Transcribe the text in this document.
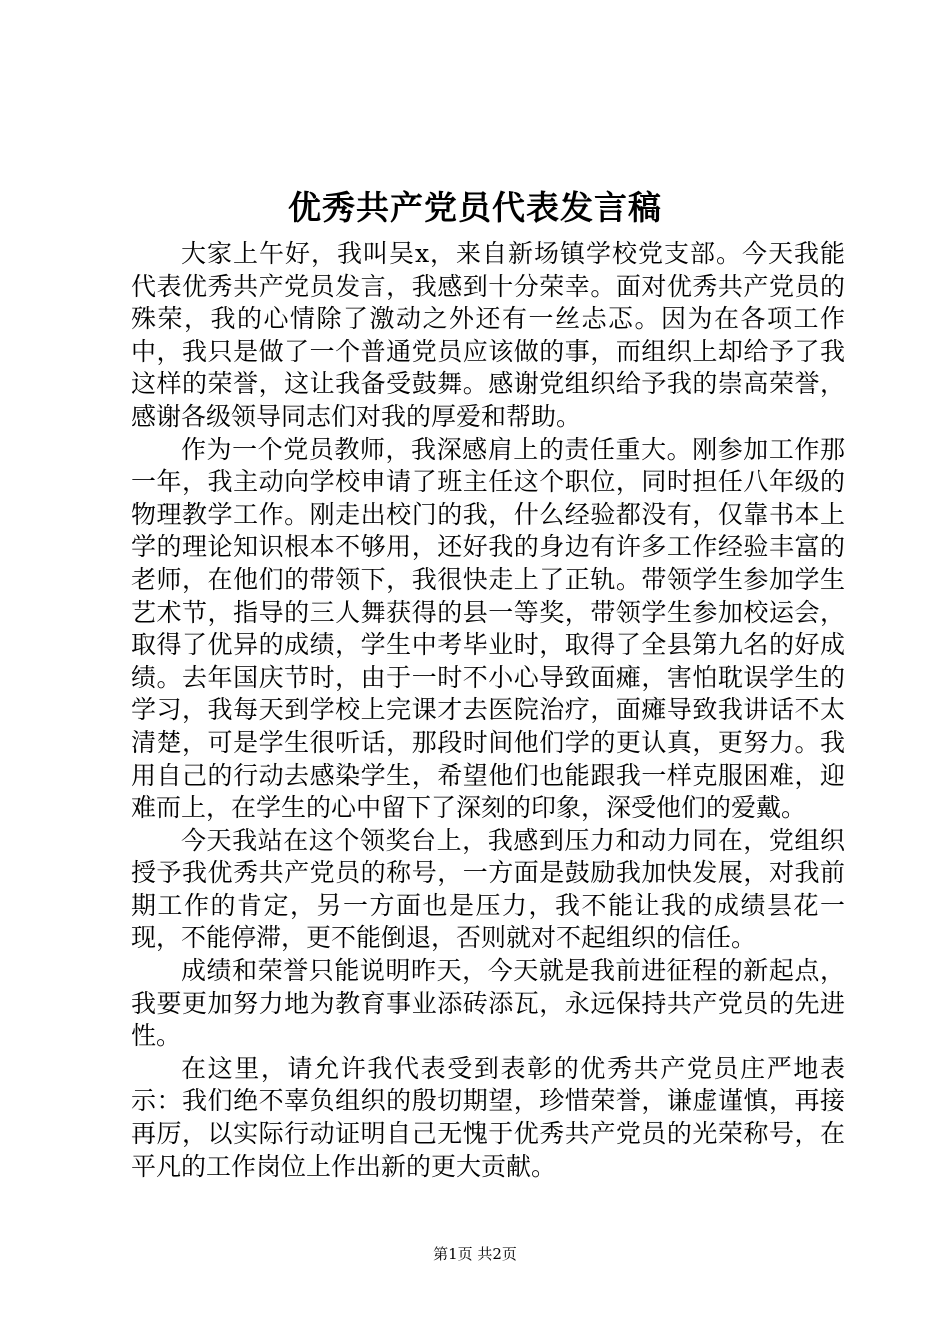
优秀共产党员代表发言稿

大家上午好，我叫吴x，来自新场镇学校党支部。今天我能代表优秀共产党员发言，我感到十分荣幸。面对优秀共产党员的殊荣，我的心情除了激动之外还有一丝忐忑。因为在各项工作中，我只是做了一个普通党员应该做的事，而组织上却给予了我这样的荣誉，这让我备受鼓舞。感谢党组织给予我的崇高荣誉，感谢各级领导同志们对我的厚爱和帮助。

作为一个党员教师，我深感肩上的责任重大。刚参加工作那一年，我主动向学校申请了班主任这个职位，同时担任八年级的物理教学工作。刚走出校门的我，什么经验都没有，仅靠书本上学的理论知识根本不够用，还好我的身边有许多工作经验丰富的老师，在他们的带领下，我很快走上了正轨。带领学生参加学生艺术节，指导的三人舞获得的县一等奖，带领学生参加校运会，取得了优异的成绩，学生中考毕业时，取得了全县第九名的好成绩。去年国庆节时，由于一时不小心导致面瘫，害怕耽误学生的学习，我每天到学校上完课才去医院治疗，面瘫导致我讲话不太清楚，可是学生很听话，那段时间他们学的更认真，更努力。我用自己的行动去感染学生，希望他们也能跟我一样克服困难，迎难而上，在学生的心中留下了深刻的印象，深受他们的爱戴。

今天我站在这个领奖台上，我感到压力和动力同在，党组织授予我优秀共产党员的称号，一方面是鼓励我加快发展，对我前期工作的肯定，另一方面也是压力，我不能让我的成绩昙花一现，不能停滞，更不能倒退，否则就对不起组织的信任。

成绩和荣誉只能说明昨天，今天就是我前进征程的新起点，我要更加努力地为教育事业添砖添瓦，永远保持共产党员的先进性。

在这里，请允许我代表受到表彰的优秀共产党员庄严地表示：我们绝不辜负组织的殷切期望，珍惜荣誉，谦虚谨慎，再接再厉，以实际行动证明自己无愧于优秀共产党员的光荣称号，在平凡的工作岗位上作出新的更大贡献。

第1页 共2页
